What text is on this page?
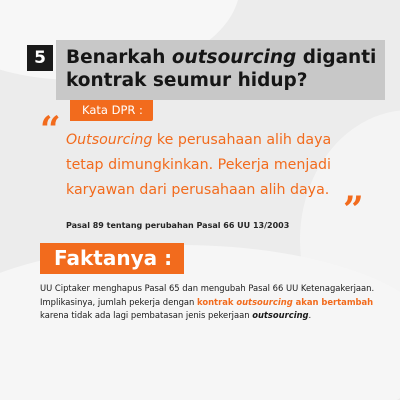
5 Benarkah outsourcing diganti
kontrak seumur hidup?
Kata DPR :
“ Outsourcing ke perusahaan alih daya
tetap dimungkinkan. Pekerja menjadi
karyawan dari perusahaan alih daya. ”
Pasal 89 tentang perubahan Pasal 66 UU 13/2003
Faktanya :
UU Ciptaker menghapus Pasal 65 dan mengubah Pasal 66 UU Ketenagakerjaan.
Implikasinya, jumlah pekerja dengan kontrak outsourcing akan bertambah
karena tidak ada lagi pembatasan jenis pekerjaan outsourcing.
